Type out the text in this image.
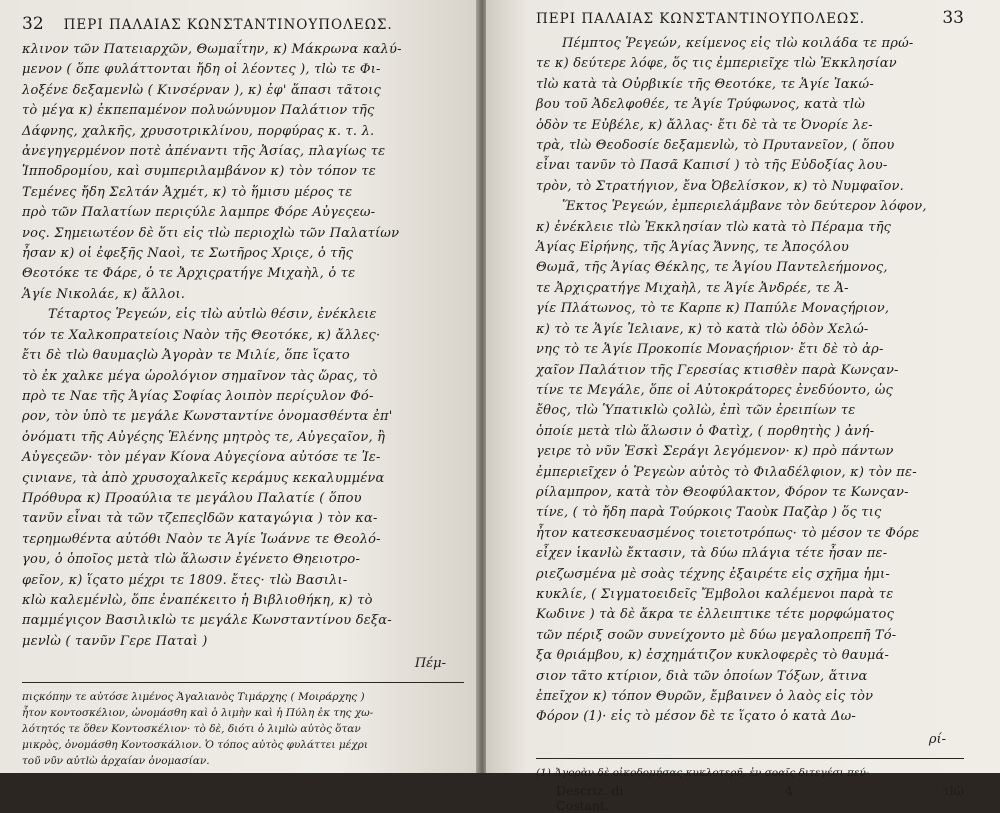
32 ΠΕΡΙ ΠΑΛΑΙΑΣ ΚΩΝΣΤΑΝΤΙΝΟΥΠΟΛΕΩΣ.
κλινον τῶν Πατειαρχῶν, Θωμαΐτην, κ) Μάκρωνα καλύ-
μενον ( ὅπε φυλάττονται ἤδη οἱ λέοντες ), τlὼ τε Φι-
λοξένε δεξαμενlὼ ( Κινσέρναν ), κ) ἐφ' ἅπασι τᾶτοις
τὸ μέγα κ) ἐκπεπαμένον πολυώνυμον Παλάτιον τῆς
Δάφνης, χαλκῆς, χρυσοτρικλίνου, πορφύρας κ. τ. λ.
ἀνεγηγερμένον ποτὲ ἀπέναντι τῆς Ἀσίας, πλαγίως τε
Ἱπποδρομίου, καὶ συμπεριλαμβάνον κ) τὸν τόπον τε
Τεμένες ἤδη Σελτάν Ἀχμέτ, κ) τὸ ἥμισυ μέρος τε
πρὸ τῶν Παλατίων περιςύλε λαμπρε Φόρε Αὐγεςεω-
νος. Σημειωτέον δὲ ὅτι εἰς τlὼ περιοχlὼ τῶν Παλατίων
ἦσαν κ) οἱ ἐφεξῆς Ναοὶ, τε Σωτῆρος Χριςε, ὁ τῆς
Θεοτόκε τε Φάρε, ὁ τε Ἀρχιςρατήγε Μιχαὴλ, ὁ τε
Ἁγίε Νικολάε, κ) ἄλλοι.
Τέταρτος Ῥεγεών, εἰς τlὼ αὐτlὼ θέσιν, ἐνέκλειε
τόν τε Χαλκοπρατείοις Ναὸν τῆς Θεοτόκε, κ) ἄλλες·
ἔτι δὲ τlὼ θαυμαςlὼ Ἀγορὰν τε Μιλίε, ὅπε ἵςατο
τὸ ἐκ χαλκε μέγα ὡρολόγιον σημαῖνον τὰς ὥρας, τὸ
πρὸ τε Ναε τῆς Ἁγίας Σοφίας λοιπὸν περίςυλον Φό-
ρον, τὸν ὑπὸ τε μεγάλε Κωνσταντίνε ὀνομασθέντα ἐπ'
ὀνόματι τῆς Αὐγέςης Ἑλένης μητρὸς τε, Αὐγεςαῖον, ἢ
Αὐγεςεῶν· τὸν μέγαν Κίονα Αὐγεςίονα αὐτόσε τε Ἰε-
ςινιανε, τὰ ἀπὸ χρυσοχαλκεῖς κεράμυς κεκαλυμμένα
Πρόθυρα κ) Προαύλια τε μεγάλου Παλατίε ( ὅπου
τανῦν εἶναι τὰ τῶν τζεπεςlδῶν καταγώγια ) τὸν κα-
τερημωθέντα αὐτόθι Ναὸν τε Ἁγίε Ἰωάννε τε Θεολό-
γου, ὁ ὁποῖος μετὰ τlὼ ἅλωσιν ἐγένετο Θηειοτρο-
φεῖον, κ) ἵςατο μέχρι τε 1809. ἔτες· τlὼ Βασιλι-
κlὼ καλεμένlὼ, ὅπε ἐναπέκειτο ἡ Βιβλιοθήκη, κ) τὸ
παμμέγιςον Βασιλικlὼ τε μεγάλε Κωνσταντίνου δεξα-
μενlὼ ( τανῦν Γερε Παταὶ )
Πέμ-
πιςκόπην τε αὐτόσε λιμένος Ἀγαλιανὸς Τιμάρχης ( Μοιράρχης )
ἦτον κοντοσκέλιον, ὠνομάσθη καὶ ὁ λιμὴν καὶ ἡ Πύλη ἐκ της χω-
λότητός τε ὅθεν Κοντοσκέλιον· τὸ δὲ, διότι ὁ λιμlὼ αὐτὸς ὅταν
μικρὸς, ὀνομάσθη Κοντοσκάλιον. Ὁ τόπος αὐτὸς φυλάττει μέχρι
τοῦ νῦν αὐτlὼ ἀρχαίαν ὀνομασίαν.
ΠΕΡΙ ΠΑΛΑΙΑΣ ΚΩΝΣΤΑΝΤΙΝΟΥΠΟΛΕΩΣ.	33
Πέμπτος Ῥεγεών, κείμενος εἰς τlὼ κοιλάδα τε πρώ-
τε κ) δεύτερε λόφε, ὅς τις ἐμπεριεῖχε τlὼ Ἐκκλησίαν
τlὼ κατὰ τὰ Οὐρβικίε τῆς Θεοτόκε, τε Ἁγίε Ἰακώ-
βου τοῦ Ἀδελφοθέε, τε Ἁγίε Τρύφωνος, κατὰ τlὼ
ὁδὸν τε Εὐβέλε, κ) ἄλλας· ἔτι δὲ τὰ τε Ὀνορίε λε-
τρὰ, τlὼ Θεοδοσίε δεξαμενlὼ, τὸ Πρυτανεῖον, ( ὅπου
εἶναι τανῦν τὸ Πασᾶ Καπισί ) τὸ τῆς Εὐδοξίας λου-
τρὸν, τὸ Στρατήγιον, ἔνα Ὀβελίσκον, κ) τὸ Νυμφαῖον.
Ἕκτος Ῥεγεών, ἐμπεριελάμβανε τὸν δεύτερον λόφον,
κ) ἐνέκλειε τlὼ Ἐκκλησίαν τlὼ κατὰ τὸ Πέραμα τῆς
Ἁγίας Εἰρήνης, τῆς Ἁγίας Ἄννης, τε Ἀποςόλου
Θωμᾶ, τῆς Ἁγίας Θέκλης, τε Ἁγίου Παντελεήμονος,
τε Ἀρχιςρατήγε Μιχαὴλ, τε Ἁγίε Ἀνδρέε, τε Ἀ-
γίε Πλάτωνος, τὸ τε Καρπε κ) Παπύλε Μοναςήριον,
κ) τὸ τε Ἁγίε Ἰελιανε, κ) τὸ κατὰ τlὼ ὁδὸν Χελώ-
νης τὸ τε Ἁγίε Προκοπίε Μοναςήριον· ἔτι δὲ τὸ ἀρ-
χαῖον Παλάτιον τῆς Γερεσίας κτισθὲν παρὰ Κωνςαν-
τίνε τε Μεγάλε, ὅπε οἱ Αὐτοκράτορες ἐνεδύοντο, ὡς
ἔθος, τlὼ Ὑπατικlὼ ςολlὼ, ἐπὶ τῶν ἐρειπίων τε
ὁποίε μετὰ τlὼ ἅλωσιν ὁ Φατὶχ, ( πορθητὴς ) ἀνή-
γειρε τὸ νῦν Ἐσκὶ Σεράγι λεγόμενον· κ) πρὸ πάντων
ἐμπεριεῖχεν ὁ Ῥεγεὼν αὐτὸς τὸ Φιλαδέλφιον, κ) τὸν πε-
ρίλαμπρον, κατὰ τὸν Θεοφύλακτον, Φόρον τε Κωνςαν-
τίνε, ( τὸ ἤδη παρὰ Τούρκοις Ταοὺκ Παζὰρ ) ὅς τις
ἦτον κατεσκευασμένος τοιετοτρόπως· τὸ μέσον τε Φόρε
εἶχεν ἱκανlὼ ἔκτασιν, τὰ δύω πλάγια τέτε ἦσαν πε-
ριεζωσμένα μὲ σοὰς τέχνης ἐξαιρέτε εἰς σχῆμα ἡμι-
κυκλίε, ( Σιγματοειδεῖς Ἔμβολοι καλέμενοι παρὰ τε
Κωδινε ) τὰ δὲ ἄκρα τε ἐλλειπτικε τέτε μορφώματος
τῶν πέριξ σοῶν συνείχοντο μὲ δύω μεγαλοπρεπῆ Τό-
ξα θριάμβου, κ) ἐσχημάτιζον κυκλοφερὲς τὸ θαυμά-
σιον τᾶτο κτίριον, διὰ τῶν ὁποίων Τόξων, ἅτινα
ἐπεῖχον κ) τόπον Θυρῶν, ἔμβαινεν ὁ λαὸς εἰς τὸν
Φόρον (1)· εἰς τὸ μέσον δὲ τε ἵςατο ὁ κατὰ Δω-
ρί-
(1) Ἀγορὰν δὲ οἰκοδομήσας κυκλοτερῆ, ἐν σοαῖς διτεγέσι πεύ-
Descriz. di Costant.
4	τlὼ
